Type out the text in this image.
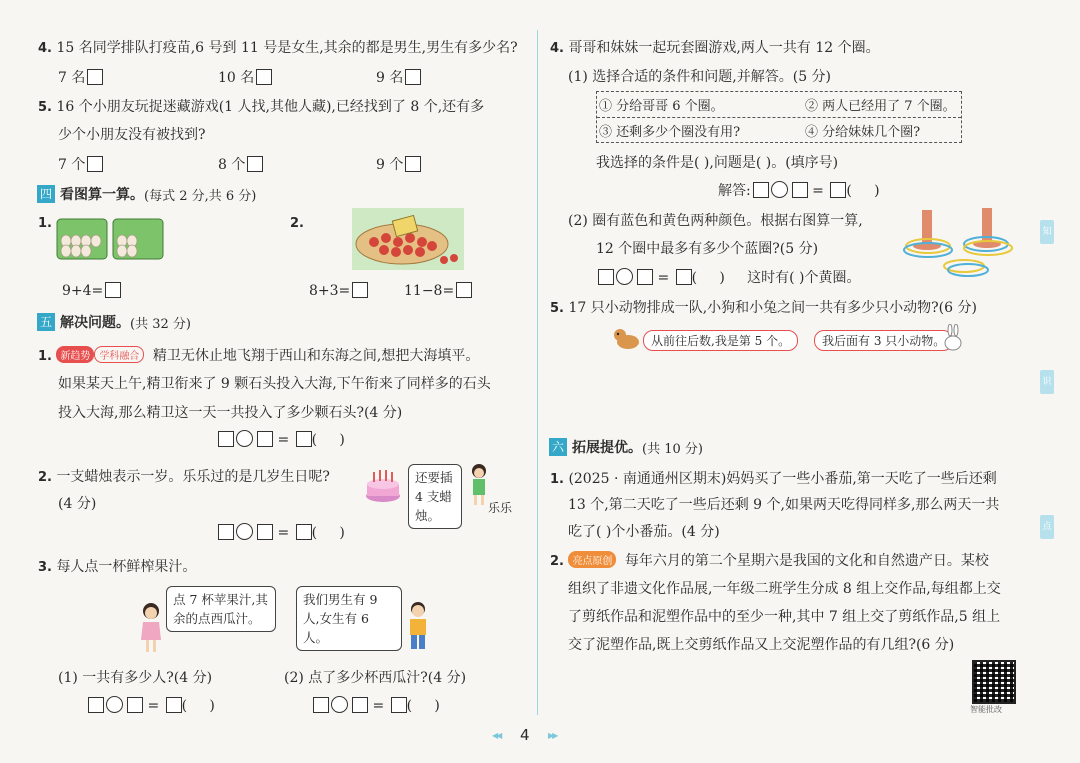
4. 15 名同学排队打疫苗,6 号到 11 号是女生,其余的都是男生,男生有多少名?
7 名	10 名	9 名
5. 16 个小朋友玩捉迷藏游戏(1 人找,其他人藏),已经找到了 8 个,还有多
少个小朋友没有被找到?
7 个	8 个	9 个
四 看图算一算。 (每式 2 分,共 6 分)
1.
9+4=
2.
8+3=	11−8=
五 解决问题。 (共 32 分)
1. 新趋势 学科融合 精卫无休止地飞翔于西山和东海之间,想把大海填平。
如果某天上午,精卫衔来了 9 颗石头投入大海,下午衔来了同样多的石头
投入大海,那么精卫这一天一共投入了多少颗石头?(4 分)
= (     )
2. 一支蜡烛表示一岁。乐乐过的是几岁生日呢?
(4 分)
还要插 4 支蜡烛。	乐乐
= (     )
3. 每人点一杯鲜榨果汁。
点 7 杯苹果汁,其余的点西瓜汁。
我们男生有 9 人,女生有 6 人。
(1) 一共有多少人?(4 分)	(2) 点了多少杯西瓜汁?(4 分)
= (     )	= (     )
4. 哥哥和妹妹一起玩套圈游戏,两人一共有 12 个圈。
(1) 选择合适的条件和问题,并解答。(5 分)
① 分给哥哥 6 个圈。	② 两人已经用了 7 个圈。
③ 还剩多少个圈没有用?	④ 分给妹妹几个圈?
我选择的条件是( ),问题是( )。(填序号)
解答:	= (     )
(2) 圈有蓝色和黄色两种颜色。根据右图算一算,
12 个圈中最多有多少个蓝圈?(5 分)
= (     )     这时有( )个黄圈。
5. 17 只小动物排成一队,小狗和小兔之间一共有多少只小动物?(6 分)
从前往后数,我是第 5 个。	我后面有 3 只小动物。
六 拓展提优。 (共 10 分)
1. (2025 · 南通通州区期末)妈妈买了一些小番茄,第一天吃了一些后还剩
13 个,第二天吃了一些后还剩 9 个,如果两天吃得同样多,那么两天一共
吃了( )个小番茄。(4 分)
2. 亮点原创 每年六月的第二个星期六是我国的文化和自然遗产日。某校
组织了非遗文化作品展,一年级二班学生分成 8 组上交作品,每组都上交
了剪纸作品和泥塑作品中的至少一种,其中 7 组上交了剪纸作品,5 组上
交了泥塑作品,既上交剪纸作品又上交泥塑作品的有几组?(6 分)
智能批改
知
识
点
◀◀ 4 ▶▶
